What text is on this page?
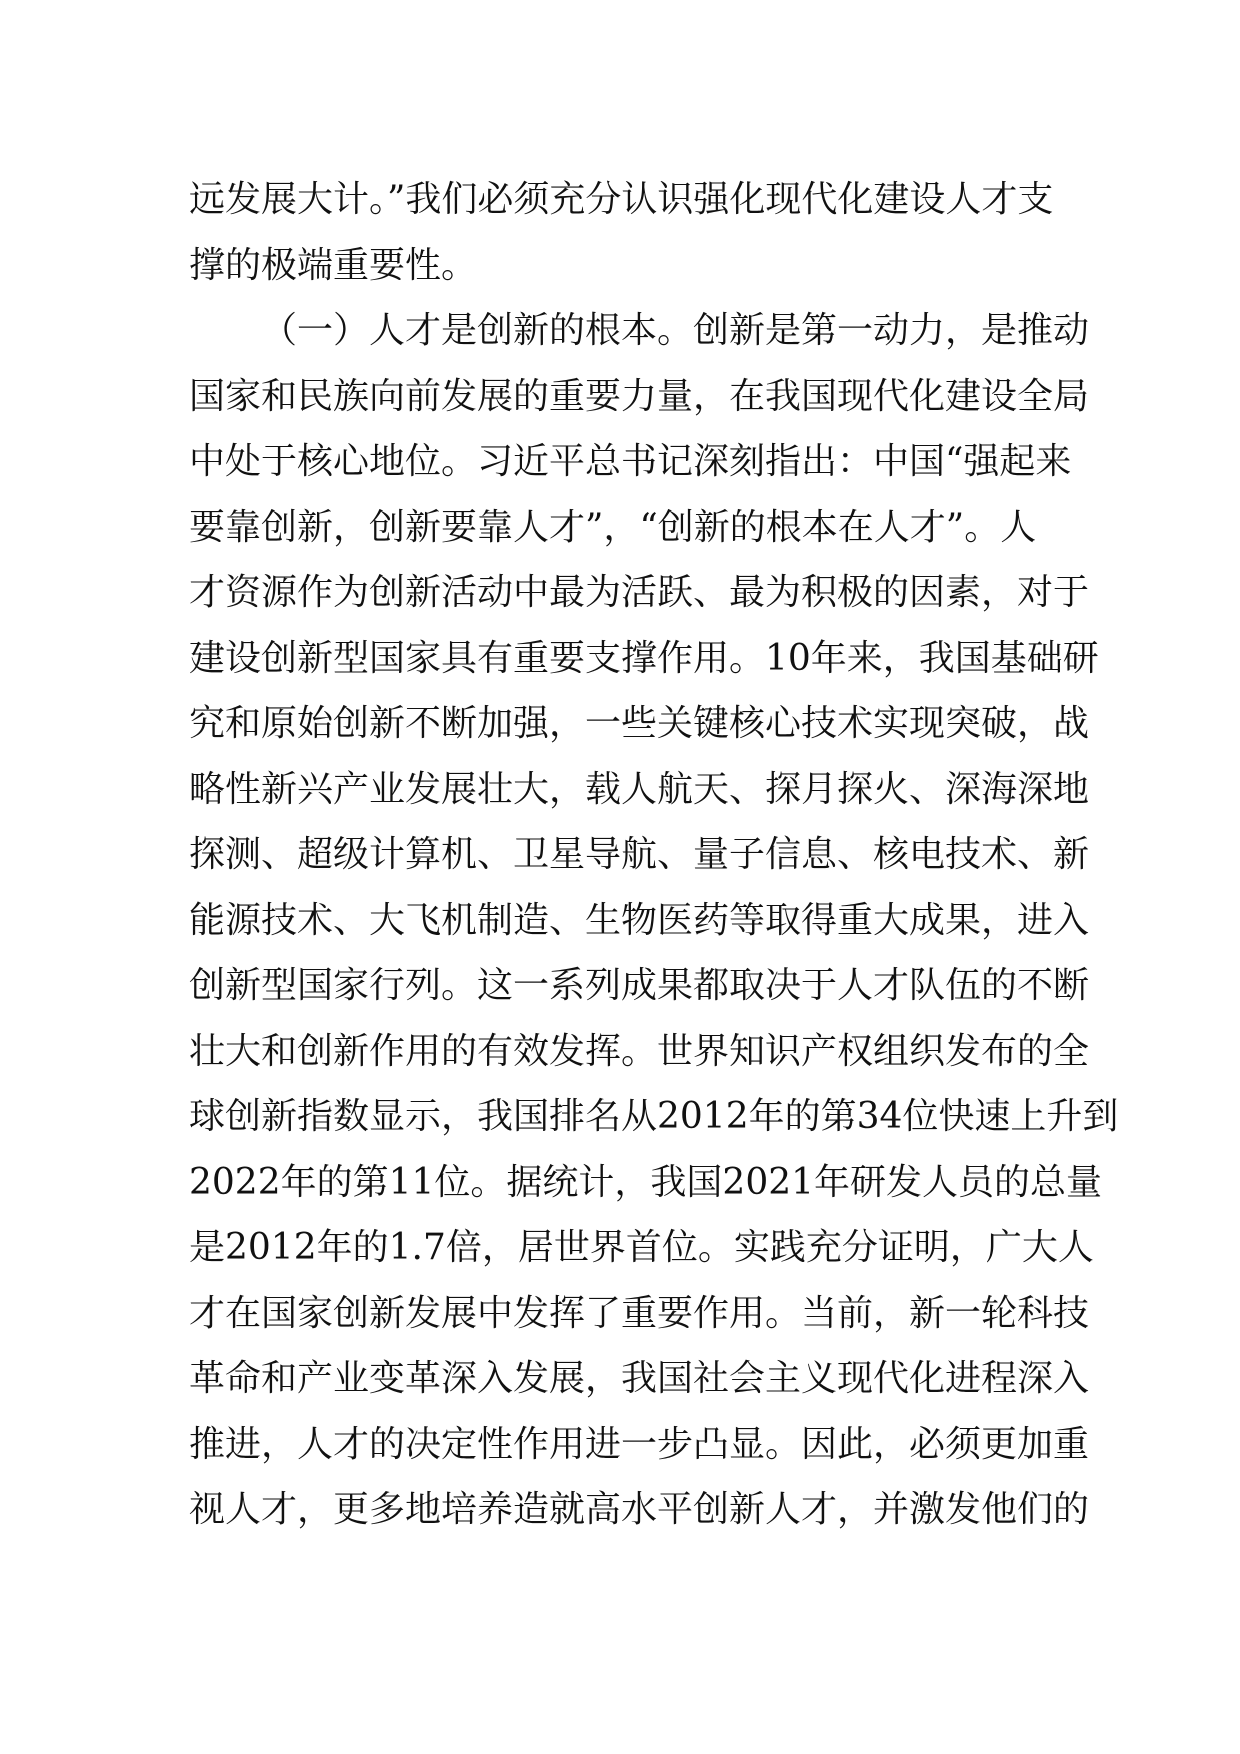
远发展大计。”我们必须充分认识强化现代化建设人才支
撑的极端重要性。
（一）人才是创新的根本。创新是第一动力，是推动
国家和民族向前发展的重要力量，在我国现代化建设全局
中处于核心地位。习近平总书记深刻指出：中国“强起来
要靠创新，创新要靠人才”，“创新的根本在人才”。人
才资源作为创新活动中最为活跃、最为积极的因素，对于
建设创新型国家具有重要支撑作用。10年来，我国基础研
究和原始创新不断加强，一些关键核心技术实现突破，战
略性新兴产业发展壮大，载人航天、探月探火、深海深地
探测、超级计算机、卫星导航、量子信息、核电技术、新
能源技术、大飞机制造、生物医药等取得重大成果，进入
创新型国家行列。这一系列成果都取决于人才队伍的不断
壮大和创新作用的有效发挥。世界知识产权组织发布的全
球创新指数显示，我国排名从2012年的第34位快速上升到
2022年的第11位。据统计，我国2021年研发人员的总量
是2012年的1.7倍，居世界首位。实践充分证明，广大人
才在国家创新发展中发挥了重要作用。当前，新一轮科技
革命和产业变革深入发展，我国社会主义现代化进程深入
推进，人才的决定性作用进一步凸显。因此，必须更加重
视人才，更多地培养造就高水平创新人才，并激发他们的
